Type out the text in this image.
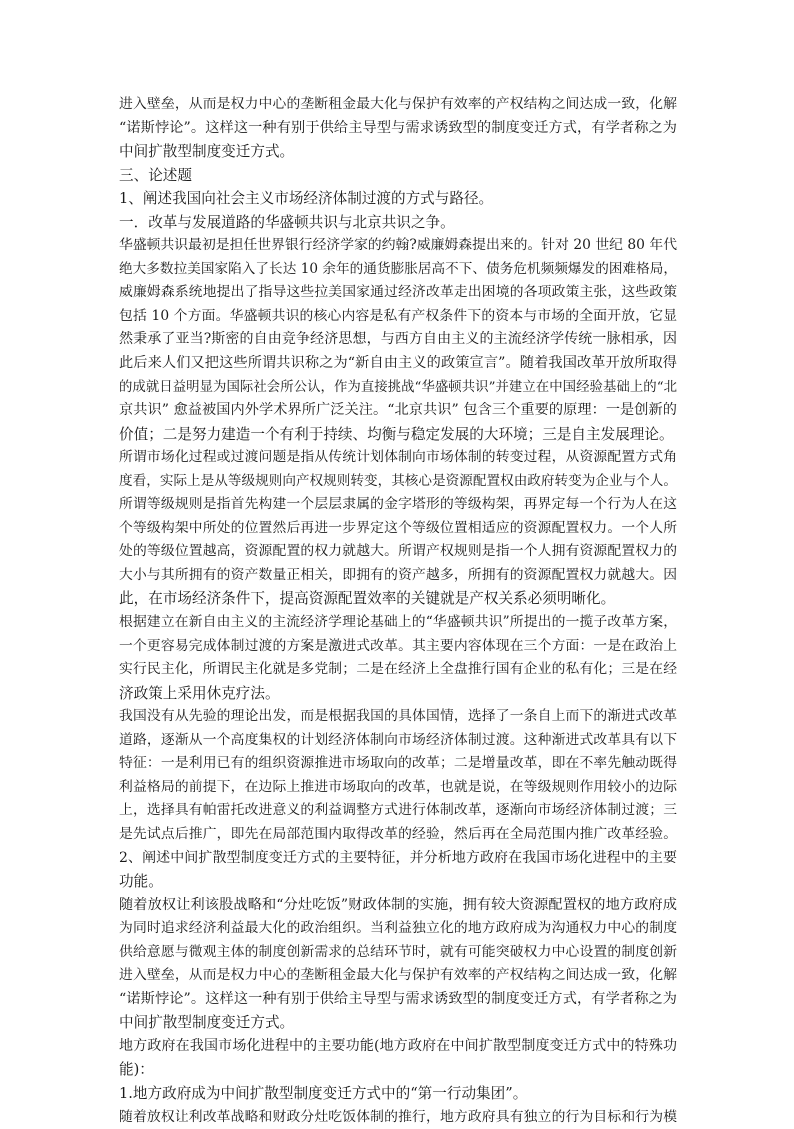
进入壁垒，从而是权力中心的垄断租金最大化与保护有效率的产权结构之间达成一致，化解
“诺斯悖论”。这样这一种有别于供给主导型与需求诱致型的制度变迁方式，有学者称之为
中间扩散型制度变迁方式。
三、论述题
1、阐述我国向社会主义市场经济体制过渡的方式与路径。
一．改革与发展道路的华盛顿共识与北京共识之争。
华盛顿共识最初是担任世界银行经济学家的约翰?威廉姆森提出来的。针对 20 世纪 80 年代
绝大多数拉美国家陷入了长达 10 余年的通货膨胀居高不下、债务危机频频爆发的困难格局，
威廉姆森系统地提出了指导这些拉美国家通过经济改革走出困境的各项政策主张，这些政策
包括 10 个方面。华盛顿共识的核心内容是私有产权条件下的资本与市场的全面开放，它显
然秉承了亚当?斯密的自由竞争经济思想，与西方自由主义的主流经济学传统一脉相承，因
此后来人们又把这些所谓共识称之为“新自由主义的政策宣言”。随着我国改革开放所取得
的成就日益明显为国际社会所公认，作为直接挑战“华盛顿共识”并建立在中国经验基础上的“北
京共识” 愈益被国内外学术界所广泛关注。“北京共识” 包含三个重要的原理：一是创新的
价值；二是努力建造一个有利于持续、均衡与稳定发展的大环境；三是自主发展理论。
所谓市场化过程或过渡问题是指从传统计划体制向市场体制的转变过程，从资源配置方式角
度看，实际上是从等级规则向产权规则转变，其核心是资源配置权由政府转变为企业与个人。
所谓等级规则是指首先构建一个层层隶属的金字塔形的等级构架，再界定每一个行为人在这
个等级构架中所处的位置然后再进一步界定这个等级位置相适应的资源配置权力。一个人所
处的等级位置越高，资源配置的权力就越大。所谓产权规则是指一个人拥有资源配置权力的
大小与其所拥有的资产数量正相关，即拥有的资产越多，所拥有的资源配置权力就越大。因
此，在市场经济条件下，提高资源配置效率的关键就是产权关系必须明晰化。
根据建立在新自由主义的主流经济学理论基础上的“华盛顿共识”所提出的一揽子改革方案，
一个更容易完成体制过渡的方案是激进式改革。其主要内容体现在三个方面：一是在政治上
实行民主化，所谓民主化就是多党制；二是在经济上全盘推行国有企业的私有化；三是在经
济政策上采用休克疗法。
我国没有从先验的理论出发，而是根据我国的具体国情，选择了一条自上而下的渐进式改革
道路，逐渐从一个高度集权的计划经济体制向市场经济体制过渡。这种渐进式改革具有以下
特征：一是利用已有的组织资源推进市场取向的改革；二是增量改革，即在不率先触动既得
利益格局的前提下，在边际上推进市场取向的改革，也就是说，在等级规则作用较小的边际
上，选择具有帕雷托改进意义的利益调整方式进行体制改革，逐渐向市场经济体制过渡；三
是先试点后推广，即先在局部范围内取得改革的经验，然后再在全局范围内推广改革经验。
2、阐述中间扩散型制度变迁方式的主要特征，并分析地方政府在我国市场化进程中的主要
功能。
随着放权让利该股战略和“分灶吃饭”财政体制的实施，拥有较大资源配置权的地方政府成
为同时追求经济利益最大化的政治组织。当利益独立化的地方政府成为沟通权力中心的制度
供给意愿与微观主体的制度创新需求的总结环节时，就有可能突破权力中心设置的制度创新
进入壁垒，从而是权力中心的垄断租金最大化与保护有效率的产权结构之间达成一致，化解
“诺斯悖论”。这样这一种有别于供给主导型与需求诱致型的制度变迁方式，有学者称之为
中间扩散型制度变迁方式。
地方政府在我国市场化进程中的主要功能(地方政府在中间扩散型制度变迁方式中的特殊功
能)：
1.地方政府成为中间扩散型制度变迁方式中的“第一行动集团”。
随着放权让利改革战略和财政分灶吃饭体制的推行，地方政府具有独立的行为目标和行为模
